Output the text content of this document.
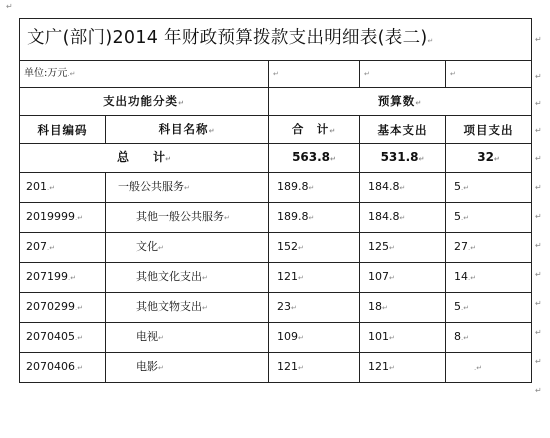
↵
文广(部门)2014 年财政预算拨款支出明细表(表二)↵				
单位:万元.↵		↵	↵	↵
支出功能分类↵		预算数↵		
科目编码	科目名称↵	合　计↵	基本支出	项目支出
总　　计↵		563.8↵	531.8↵	32↵
201.↵	一般公共服务↵	189.8↵	184.8↵	5.↵
2019999.↵	其他一般公共服务↵	189.8↵	184.8↵	5.↵
207.↵	文化↵	152↵	125↵	27.↵
207199.↵	其他文化支出↵	121↵	107↵	14.↵
2070299.↵	其他文物支出↵	23↵	18↵	5.↵
2070405.↵	电视↵	109↵	101↵	8.↵
2070406.↵	电影↵	121↵	121↵	.↵
↵
↵
↵
↵
↵
↵
↵
↵
↵
↵
↵
↵
↵
